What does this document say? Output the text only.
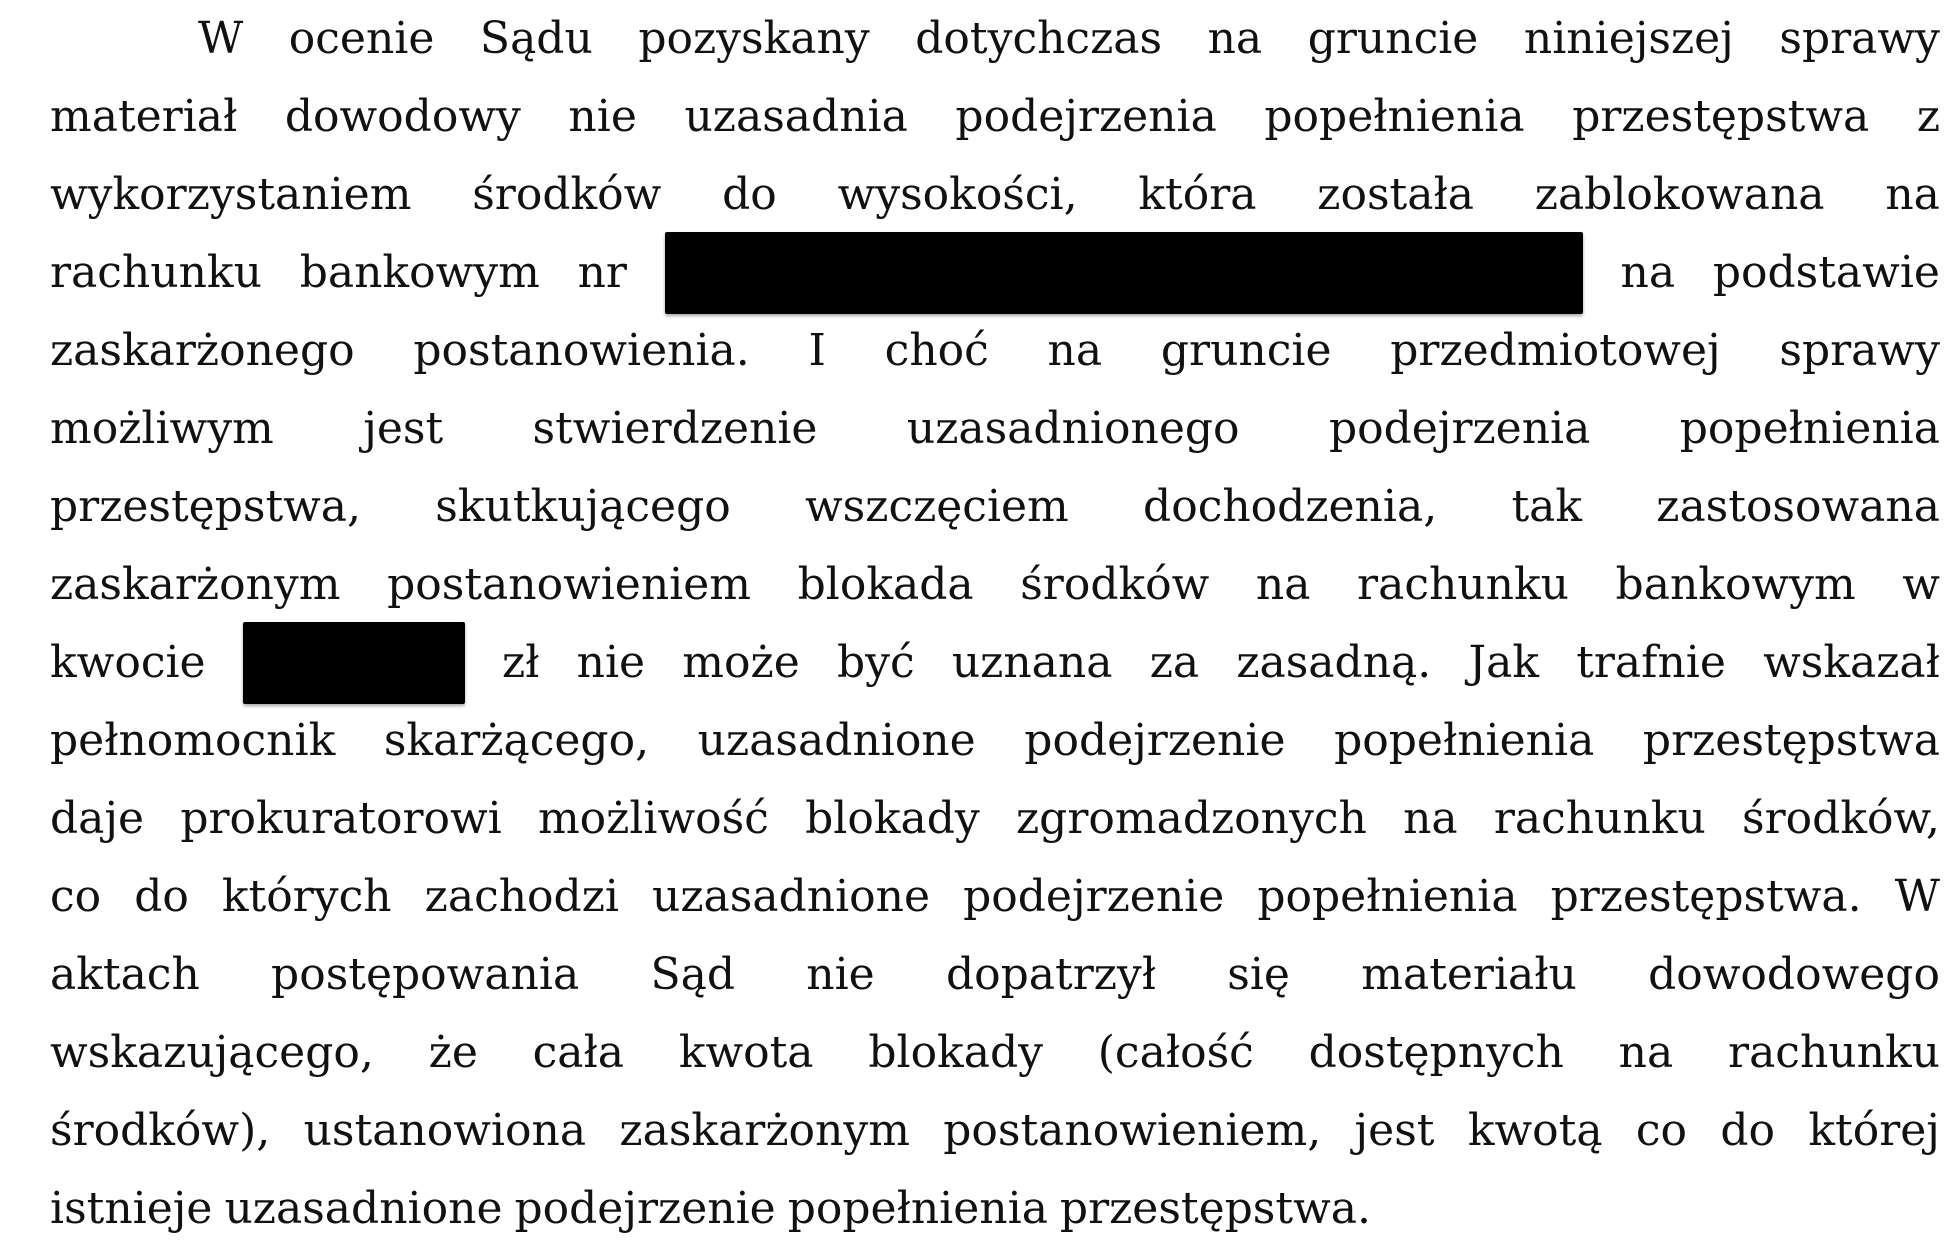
W ocenie Sądu pozyskany dotychczas na gruncie niniejszej sprawy
materiał dowodowy nie uzasadnia podejrzenia popełnienia przestępstwa z
wykorzystaniem środków do wysokości, która została zablokowana na
rachunku bankowym nr	na podstawie
zaskarżonego postanowienia. I choć na gruncie przedmiotowej sprawy
możliwym jest stwierdzenie uzasadnionego podejrzenia popełnienia
przestępstwa, skutkującego wszczęciem dochodzenia, tak zastosowana
zaskarżonym postanowieniem blokada środków na rachunku bankowym w
kwocie	zł nie może być uznana za zasadną. Jak trafnie wskazał
pełnomocnik skarżącego, uzasadnione podejrzenie popełnienia przestępstwa
daje prokuratorowi możliwość blokady zgromadzonych na rachunku środków,
co do których zachodzi uzasadnione podejrzenie popełnienia przestępstwa. W
aktach postępowania Sąd nie dopatrzył się materiału dowodowego
wskazującego, że cała kwota blokady (całość dostępnych na rachunku
środków), ustanowiona zaskarżonym postanowieniem, jest kwotą co do której
istnieje uzasadnione podejrzenie popełnienia przestępstwa.
